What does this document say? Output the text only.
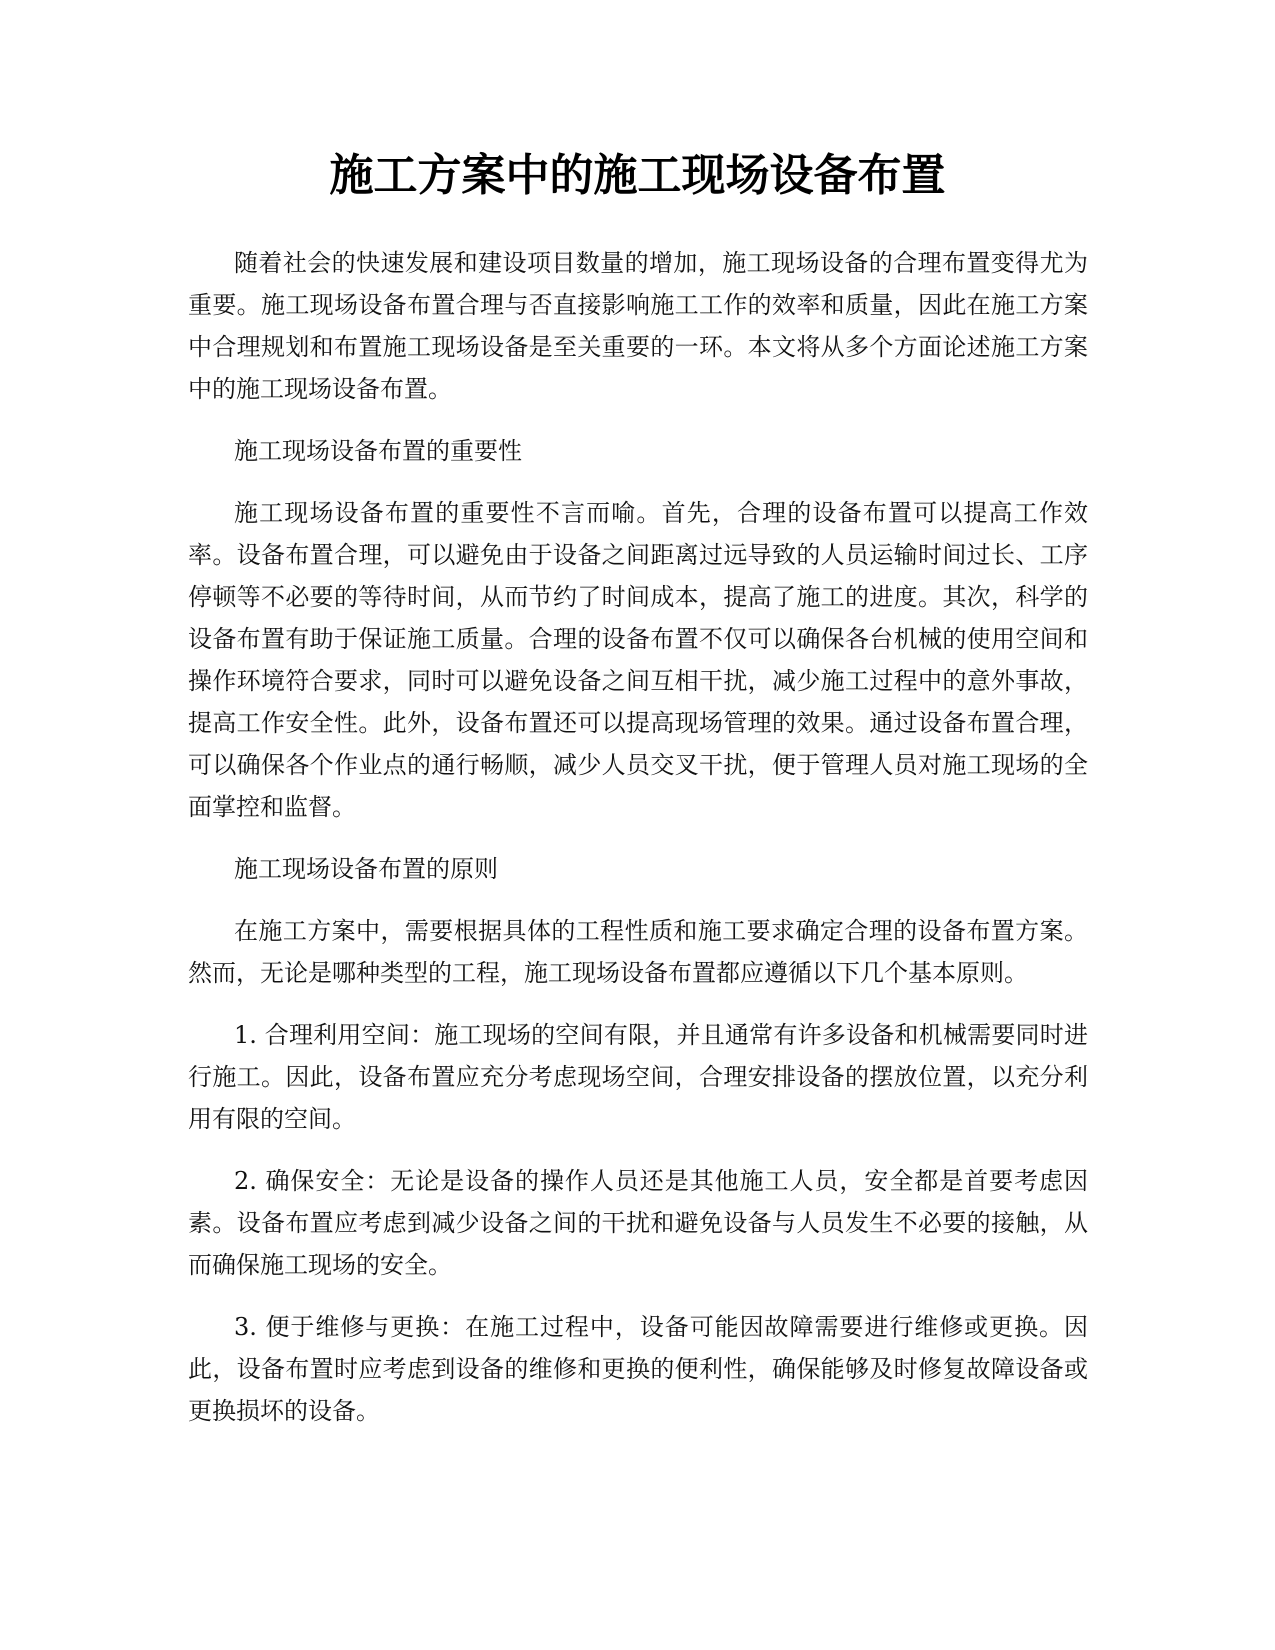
施工方案中的施工现场设备布置

随着社会的快速发展和建设项目数量的增加，施工现场设备的合理布置变得尤为重要。施工现场设备布置合理与否直接影响施工工作的效率和质量，因此在施工方案中合理规划和布置施工现场设备是至关重要的一环。本文将从多个方面论述施工方案中的施工现场设备布置。

施工现场设备布置的重要性

施工现场设备布置的重要性不言而喻。首先，合理的设备布置可以提高工作效率。设备布置合理，可以避免由于设备之间距离过远导致的人员运输时间过长、工序停顿等不必要的等待时间，从而节约了时间成本，提高了施工的进度。其次，科学的设备布置有助于保证施工质量。合理的设备布置不仅可以确保各台机械的使用空间和操作环境符合要求，同时可以避免设备之间互相干扰，减少施工过程中的意外事故，提高工作安全性。此外，设备布置还可以提高现场管理的效果。通过设备布置合理，可以确保各个作业点的通行畅顺，减少人员交叉干扰，便于管理人员对施工现场的全面掌控和监督。

施工现场设备布置的原则

在施工方案中，需要根据具体的工程性质和施工要求确定合理的设备布置方案。然而，无论是哪种类型的工程，施工现场设备布置都应遵循以下几个基本原则。

1. 合理利用空间：施工现场的空间有限，并且通常有许多设备和机械需要同时进行施工。因此，设备布置应充分考虑现场空间，合理安排设备的摆放位置，以充分利用有限的空间。

2. 确保安全：无论是设备的操作人员还是其他施工人员，安全都是首要考虑因素。设备布置应考虑到减少设备之间的干扰和避免设备与人员发生不必要的接触，从而确保施工现场的安全。

3. 便于维修与更换：在施工过程中，设备可能因故障需要进行维修或更换。因此，设备布置时应考虑到设备的维修和更换的便利性，确保能够及时修复故障设备或更换损坏的设备。
